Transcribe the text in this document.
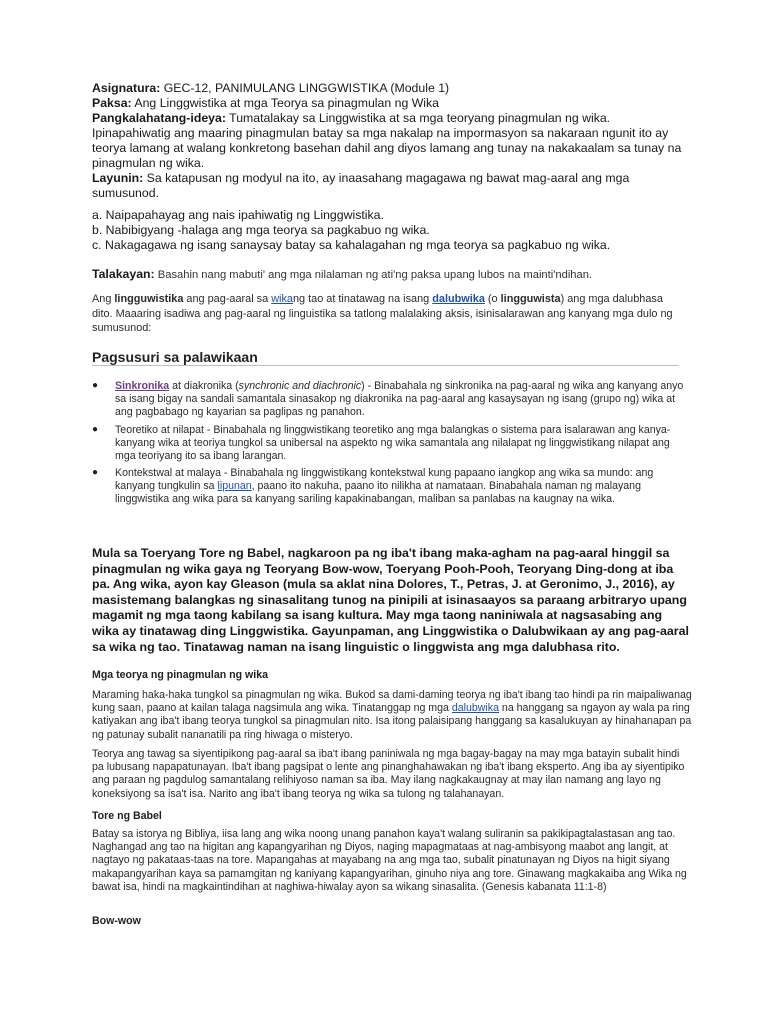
Asignatura: GEC-12, PANIMULANG LINGGWISTIKA (Module 1)
Paksa: Ang Linggwistika at mga Teorya sa pinagmulan ng Wika
Pangkalahatang-ideya: Tumatalakay sa Linggwistika at sa mga teoryang pinagmulan ng wika. Ipinapahiwatig ang maaring pinagmulan batay sa mga nakalap na impormasyon sa nakaraan ngunit ito ay teorya lamang at walang konkretong basehan dahil ang diyos lamang ang tunay na nakakaalam sa tunay na pinagmulan ng wika.
Layunin: Sa katapusan ng modyul na ito, ay inaasahang magagawa ng bawat mag-aaral ang mga sumusunod.
a. Naipapahayag ang nais ipahiwatig ng Linggwistika.
b. Nabibigyang -halaga ang mga teorya sa pagkabuo ng wika.
c. Nakagagawa ng isang sanaysay batay sa kahalagahan ng mga teorya sa pagkabuo ng wika.
Talakayan: Basahin nang mabuti' ang mga nilalaman ng ati'ng paksa upang lubos na mainti'ndihan.
Ang lingguwistika ang pag-aaral sa wikang tao at tinatawag na isang dalubwika (o lingguwista) ang mga dalubhasa dito. Maaaring isadiwa ang pag-aaral ng linguistika sa tatlong malalaking aksis, isinisalarawan ang kanyang mga dulo ng sumusunod:
Pagsusuri sa palawikaan
● Sinkronika at diakronika (synchronic and diachronic) - Binabahala ng sinkronika na pag-aaral ng wika ang kanyang anyo sa isang bigay na sandali samantala sinasakop ng diakronika na pag-aaral ang kasaysayan ng isang (grupo ng) wika at ang pagbabago ng kayarian sa paglipas ng panahon.
● Teoretiko at nilapat - Binabahala ng linggwistikang teoretiko ang mga balangkas o sistema para isalarawan ang kanya-kanyang wika at teoriya tungkol sa unibersal na aspekto ng wika samantala ang nilalapat ng linggwistikang nilapat ang mga teoriyang ito sa ibang larangan.
● Kontekstwal at malaya - Binabahala ng linggwistikang kontekstwal kung papaano iangkop ang wika sa mundo: ang kanyang tungkulin sa lipunan, paano ito nakuha, paano ito nilikha at namataan. Binabahala naman ng malayang linggwistika ang wika para sa kanyang sariling kapakinabangan, maliban sa panlabas na kaugnay na wika.
Mula sa Toeryang Tore ng Babel, nagkaroon pa ng iba't ibang maka-agham na pag-aaral hinggil sa pinagmulan ng wika gaya ng Teoryang Bow-wow, Toeryang Pooh-Pooh, Teoryang Ding-dong at iba pa. Ang wika, ayon kay Gleason (mula sa aklat nina Dolores, T., Petras, J. at Geronimo, J., 2016), ay masistemang balangkas ng sinasalitang tunog na pinipili at isinasaayos sa paraang arbitraryo upang magamit ng mga taong kabilang sa isang kultura. May mga taong naniniwala at nagsasabing ang wika ay tinatawag ding Linggwistika. Gayunpaman, ang Linggwistika o Dalubwikaan ay ang pag-aaral sa wika ng tao. Tinatawag naman na isang linguistic o linggwista ang mga dalubhasa rito.
Mga teorya ng pinagmulan ng wika
Maraming haka-haka tungkol sa pinagmulan ng wika. Bukod sa dami-daming teorya ng iba't ibang tao hindi pa rin maipaliwanag kung saan, paano at kailan talaga nagsimula ang wika. Tinatanggap ng mga dalubwika na hanggang sa ngayon ay wala pa ring katiyakan ang iba't ibang teorya tungkol sa pinagmulan nito. Isa itong palaisipang hanggang sa kasalukuyan ay hinahanapan pa ng patunay subalit nananatili pa ring hiwaga o misteryo.
Teorya ang tawag sa siyentipikong pag-aaral sa iba't ibang paniniwala ng mga bagay-bagay na may mga batayin subalit hindi pa lubusang napapatunayan. Iba't ibang pagsipat o lente ang pinanghahawakan ng iba't ibang eksperto. Ang iba ay siyentipiko ang paraan ng pagdulog samantalang relihiyoso naman sa iba. May ilang nagkakaugnay at may ilan namang ang layo ng koneksiyong sa isa't isa. Narito ang iba't ibang teorya ng wika sa tulong ng talahanayan.
Tore ng Babel
Batay sa istorya ng Bibliya, iisa lang ang wika noong unang panahon kaya't walang suliranin sa pakikipagtalastasan ang tao. Naghangad ang tao na higitan ang kapangyarihan ng Diyos, naging mapagmataas at nag-ambisyong maabot ang langit, at nagtayo ng pakataas-taas na tore. Mapangahas at mayabang na ang mga tao, subalit pinatunayan ng Diyos na higit siyang makapangyarihan kaya sa pamamgitan ng kaniyang kapangyarihan, ginuho niya ang tore. Ginawang magkakaiba ang Wika ng bawat isa, hindi na magkaintindihan at naghiwa-hiwalay ayon sa wikang sinasalita. (Genesis kabanata 11:1-8)
Bow-wow
